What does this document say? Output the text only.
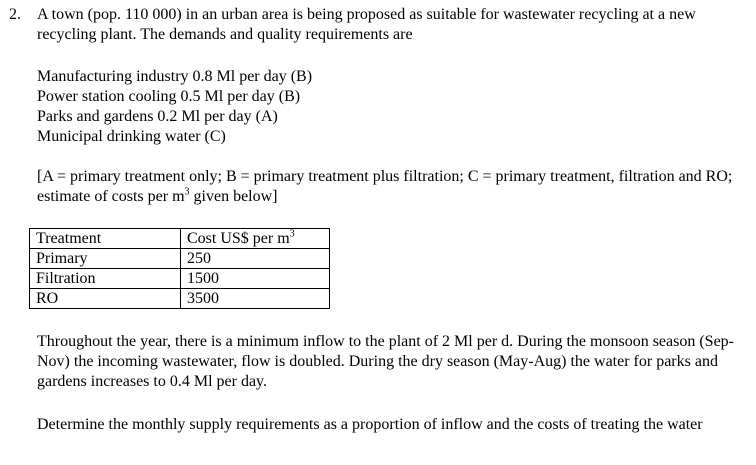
2. A town (pop. 110 000) in an urban area is being proposed as suitable for wastewater recycling at a new recycling plant. The demands and quality requirements are
Manufacturing industry 0.8 Ml per day (B)
Power station cooling 0.5 Ml per day (B)
Parks and gardens 0.2 Ml per day (A)
Municipal drinking water (C)
[A = primary treatment only; B = primary treatment plus filtration; C = primary treatment, filtration and RO; estimate of costs per $m^3$ given below]
Treatment	Cost US$ per $m^3$
Primary	250
Filtration	1500
RO	3500
Throughout the year, there is a minimum inflow to the plant of 2 Ml per d. During the monsoon season (Sep-Nov) the incoming wastewater, flow is doubled. During the dry season (May-Aug) the water for parks and gardens increases to 0.4 Ml per day.
Determine the monthly supply requirements as a proportion of inflow and the costs of treating the water
